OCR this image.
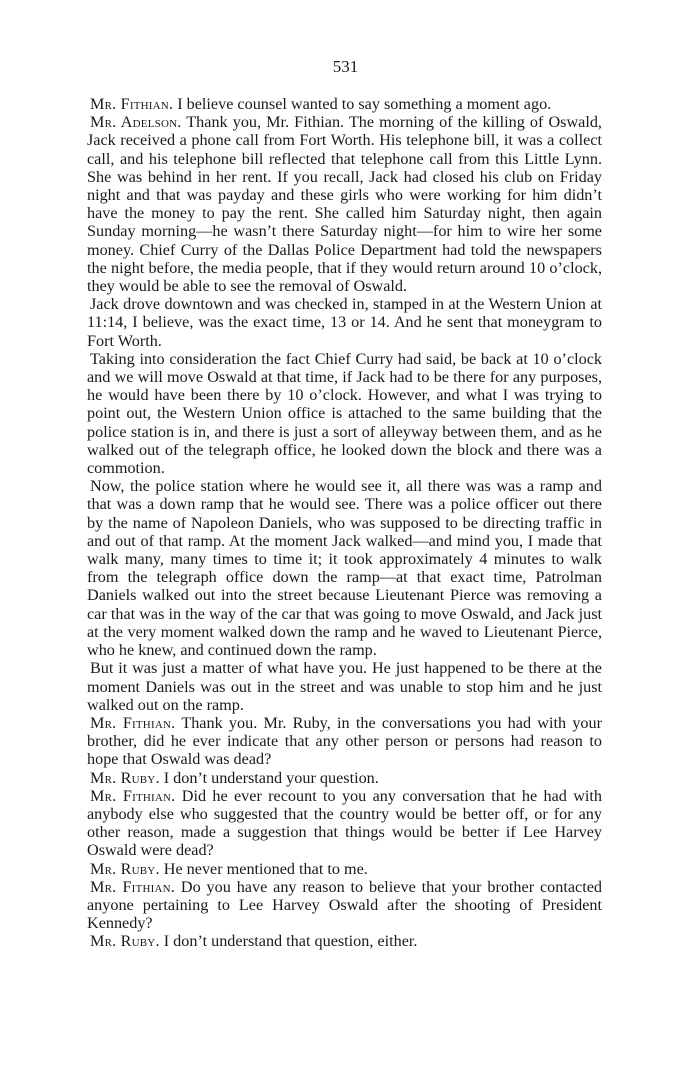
531

Mr. Fithian. I believe counsel wanted to say something a moment ago.

Mr. Adelson. Thank you, Mr. Fithian. The morning of the killing of Oswald, Jack received a phone call from Fort Worth. His telephone bill, it was a collect call, and his telephone bill reflected that telephone call from this Little Lynn. She was behind in her rent. If you recall, Jack had closed his club on Friday night and that was payday and these girls who were working for him didn’t have the money to pay the rent. She called him Saturday night, then again Sunday morning—he wasn’t there Saturday night—for him to wire her some money. Chief Curry of the Dallas Police Department had told the newspapers the night before, the media people, that if they would return around 10 o’clock, they would be able to see the removal of Oswald.

Jack drove downtown and was checked in, stamped in at the Western Union at 11:14, I believe, was the exact time, 13 or 14. And he sent that moneygram to Fort Worth.

Taking into consideration the fact Chief Curry had said, be back at 10 o’clock and we will move Oswald at that time, if Jack had to be there for any purposes, he would have been there by 10 o’clock. However, and what I was trying to point out, the Western Union office is attached to the same building that the police station is in, and there is just a sort of alleyway between them, and as he walked out of the telegraph office, he looked down the block and there was a commotion.

Now, the police station where he would see it, all there was was a ramp and that was a down ramp that he would see. There was a police officer out there by the name of Napoleon Daniels, who was supposed to be directing traffic in and out of that ramp. At the moment Jack walked—and mind you, I made that walk many, many times to time it; it took approximately 4 minutes to walk from the telegraph office down the ramp—at that exact time, Patrolman Daniels walked out into the street because Lieutenant Pierce was removing a car that was in the way of the car that was going to move Oswald, and Jack just at the very moment walked down the ramp and he waved to Lieutenant Pierce, who he knew, and continued down the ramp.

But it was just a matter of what have you. He just happened to be there at the moment Daniels was out in the street and was unable to stop him and he just walked out on the ramp.

Mr. Fithian. Thank you. Mr. Ruby, in the conversations you had with your brother, did he ever indicate that any other person or persons had reason to hope that Oswald was dead?

Mr. Ruby. I don’t understand your question.

Mr. Fithian. Did he ever recount to you any conversation that he had with anybody else who suggested that the country would be better off, or for any other reason, made a suggestion that things would be better if Lee Harvey Oswald were dead?

Mr. Ruby. He never mentioned that to me.

Mr. Fithian. Do you have any reason to believe that your brother contacted anyone pertaining to Lee Harvey Oswald after the shooting of President Kennedy?

Mr. Ruby. I don’t understand that question, either.
